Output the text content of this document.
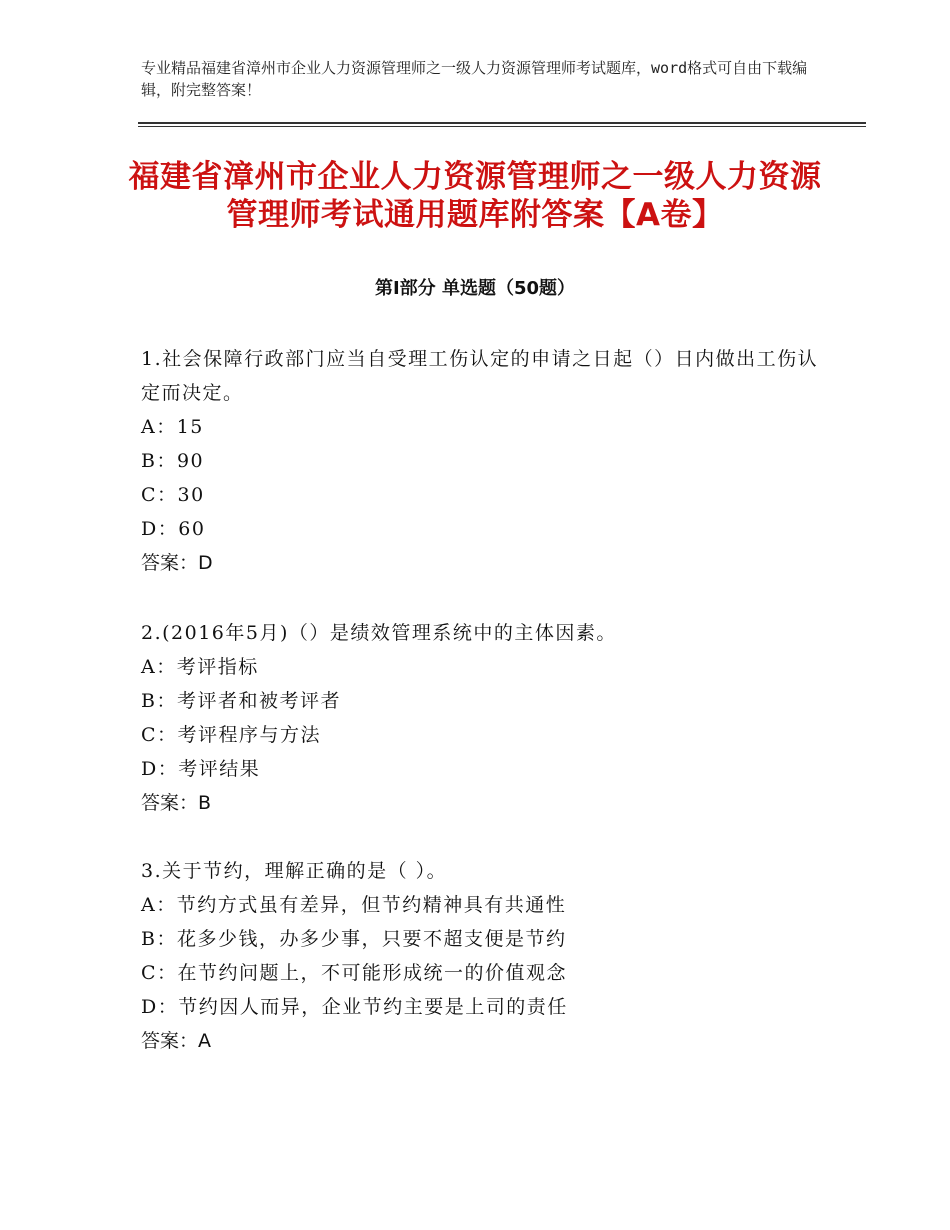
专业精品福建省漳州市企业人力资源管理师之一级人力资源管理师考试题库，word格式可自由下载编辑，附完整答案！
福建省漳州市企业人力资源管理师之一级人力资源管理师考试通用题库附答案【A卷】
第Ⅰ部分 单选题（50题）
1.社会保障行政部门应当自受理工伤认定的申请之日起（）日内做出工伤认定而决定。
A：15
B：90
C：30
D：60
答案：D
2.(2016年5月)（）是绩效管理系统中的主体因素。
A：考评指标
B：考评者和被考评者
C：考评程序与方法
D：考评结果
答案：B
3.关于节约，理解正确的是（ ）。
A：节约方式虽有差异，但节约精神具有共通性
B：花多少钱，办多少事，只要不超支便是节约
C：在节约问题上，不可能形成统一的价值观念
D：节约因人而异，企业节约主要是上司的责任
答案：A
